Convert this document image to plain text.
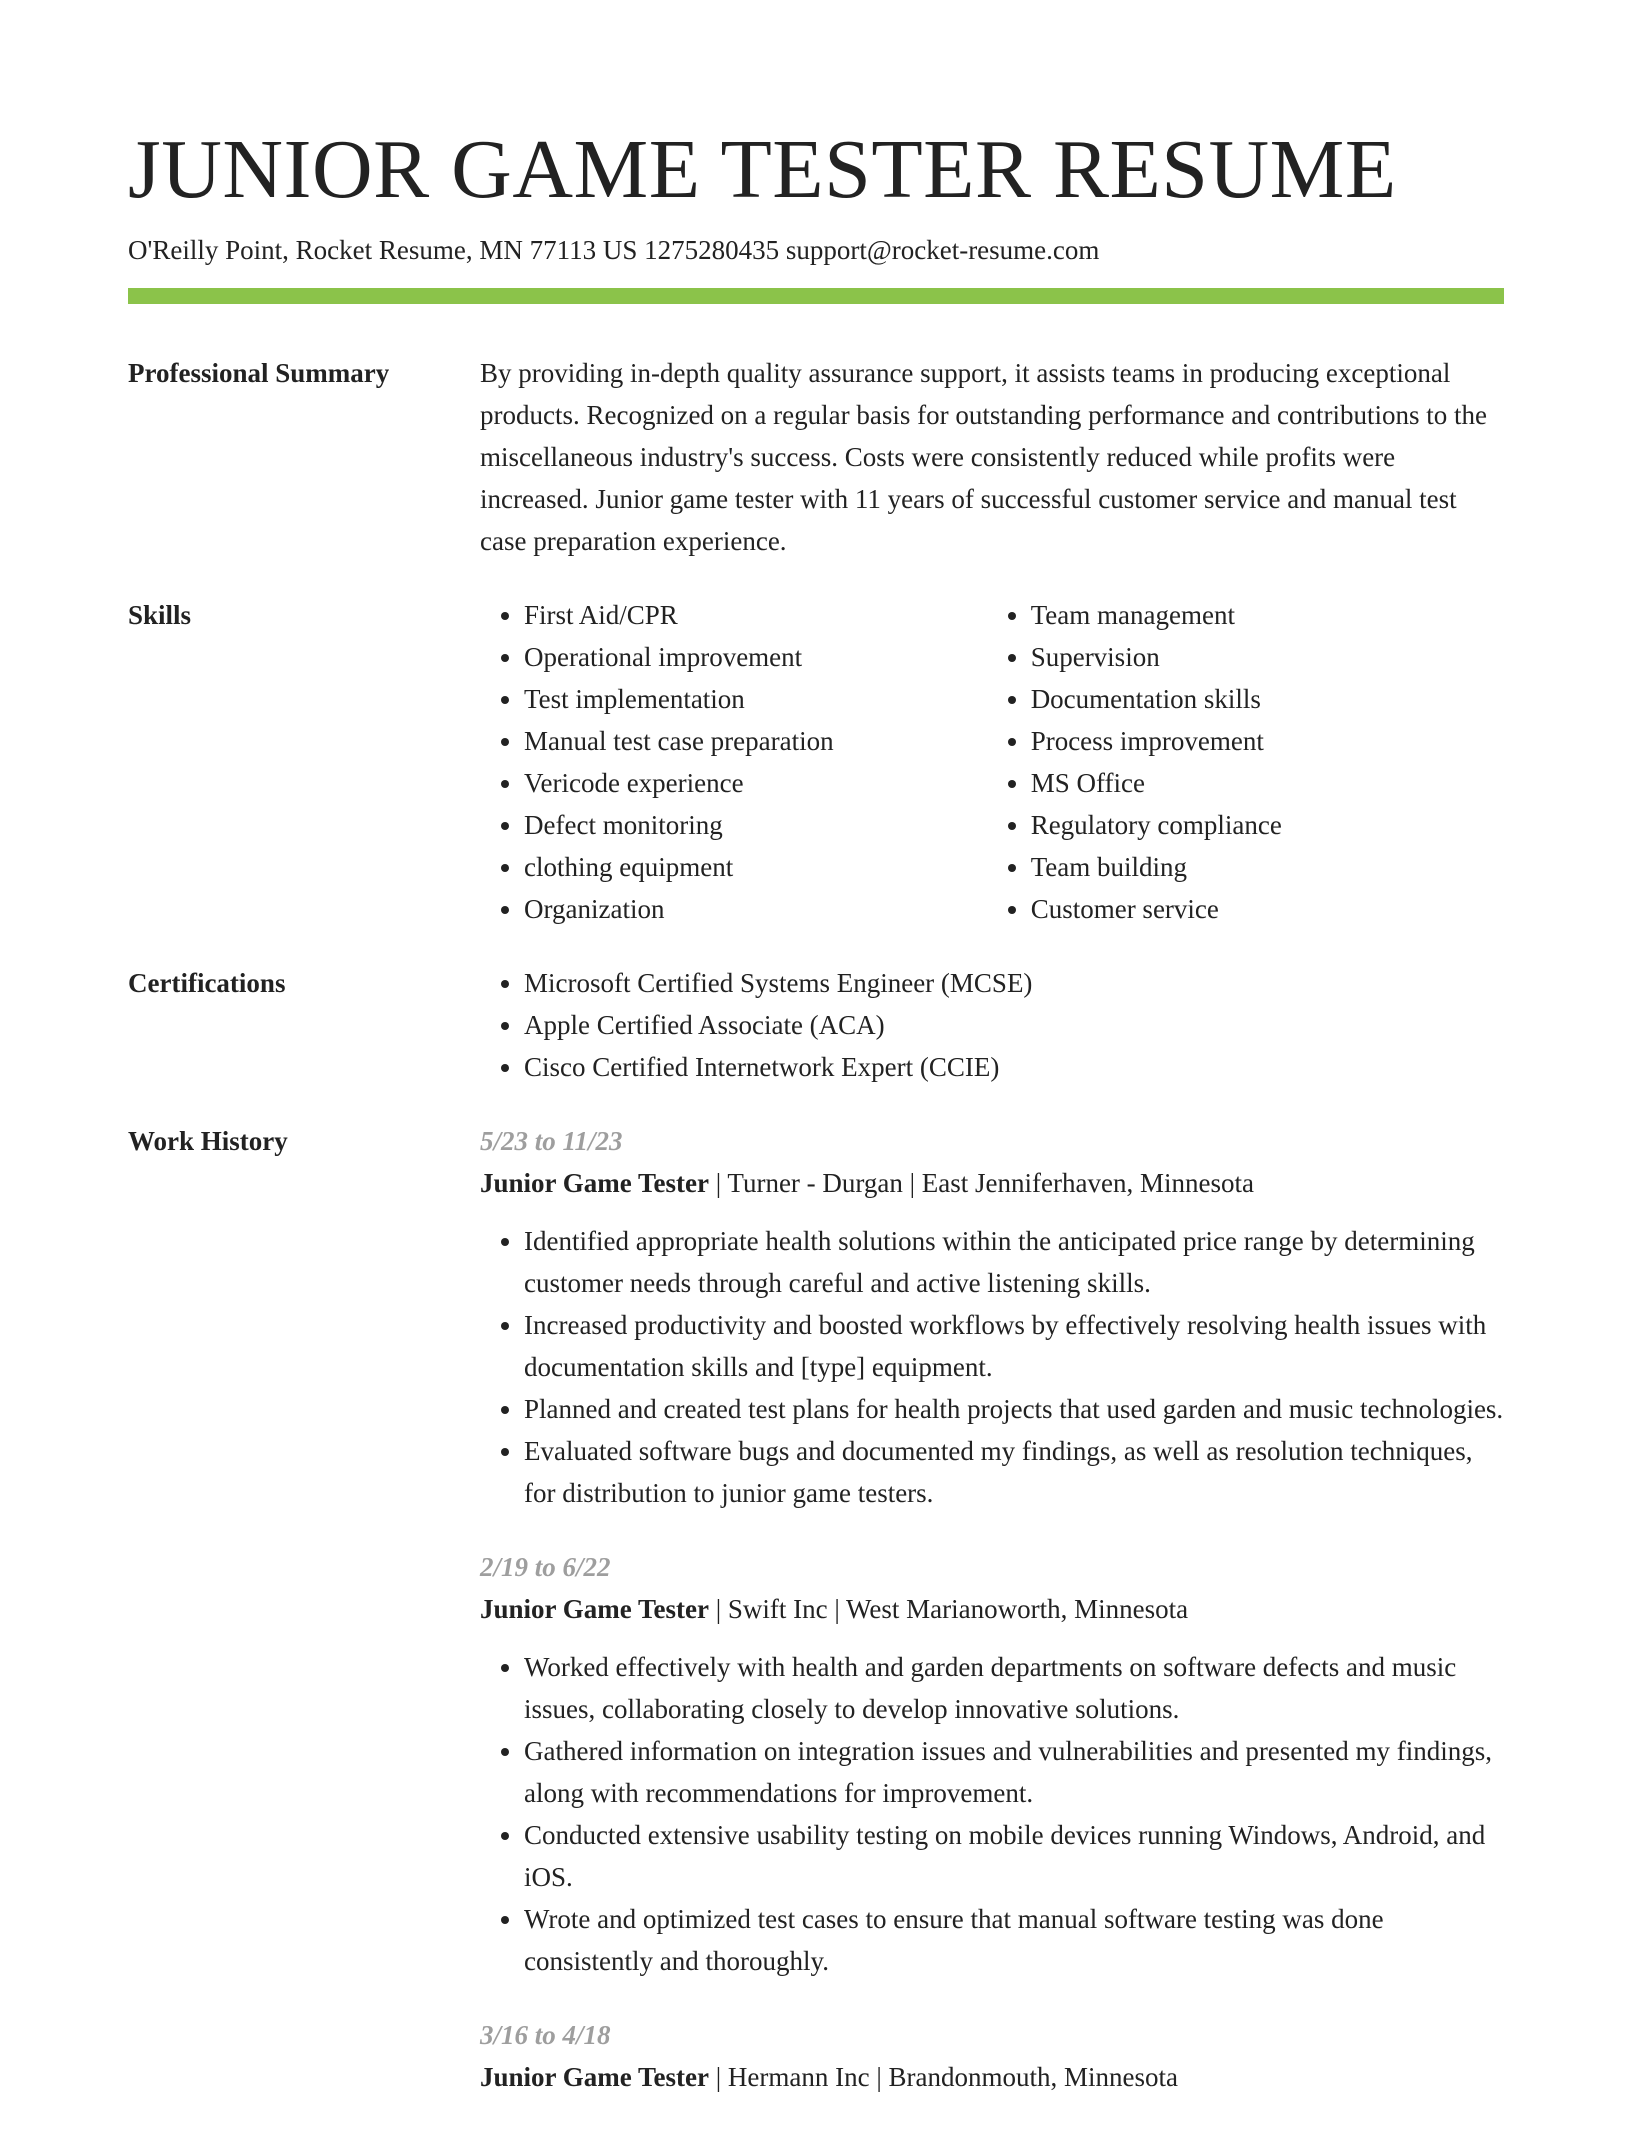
JUNIOR GAME TESTER RESUME
O'Reilly Point, Rocket Resume, MN 77113 US 1275280435 support@rocket-resume.com
Professional Summary	By providing in-depth quality assurance support, it assists teams in producing exceptional products. Recognized on a regular basis for outstanding performance and contributions to the miscellaneous industry's success. Costs were consistently reduced while profits were increased. Junior game tester with 11 years of successful customer service and manual test case preparation experience.
Skills	• First Aid/CPR
• Operational improvement
• Test implementation
• Manual test case preparation
• Vericode experience
• Defect monitoring
• clothing equipment
• Organization
• Team management
• Supervision
• Documentation skills
• Process improvement
• MS Office
• Regulatory compliance
• Team building
• Customer service
Certifications	• Microsoft Certified Systems Engineer (MCSE)
• Apple Certified Associate (ACA)
• Cisco Certified Internetwork Expert (CCIE)
Work History	5/23 to 11/23
Junior Game Tester | Turner - Durgan | East Jenniferhaven, Minnesota
• Identified appropriate health solutions within the anticipated price range by determining customer needs through careful and active listening skills.
• Increased productivity and boosted workflows by effectively resolving health issues with documentation skills and [type] equipment.
• Planned and created test plans for health projects that used garden and music technologies.
• Evaluated software bugs and documented my findings, as well as resolution techniques, for distribution to junior game testers.
2/19 to 6/22
Junior Game Tester | Swift Inc | West Marianoworth, Minnesota
• Worked effectively with health and garden departments on software defects and music issues, collaborating closely to develop innovative solutions.
• Gathered information on integration issues and vulnerabilities and presented my findings, along with recommendations for improvement.
• Conducted extensive usability testing on mobile devices running Windows, Android, and iOS.
• Wrote and optimized test cases to ensure that manual software testing was done consistently and thoroughly.
3/16 to 4/18
Junior Game Tester | Hermann Inc | Brandonmouth, Minnesota
